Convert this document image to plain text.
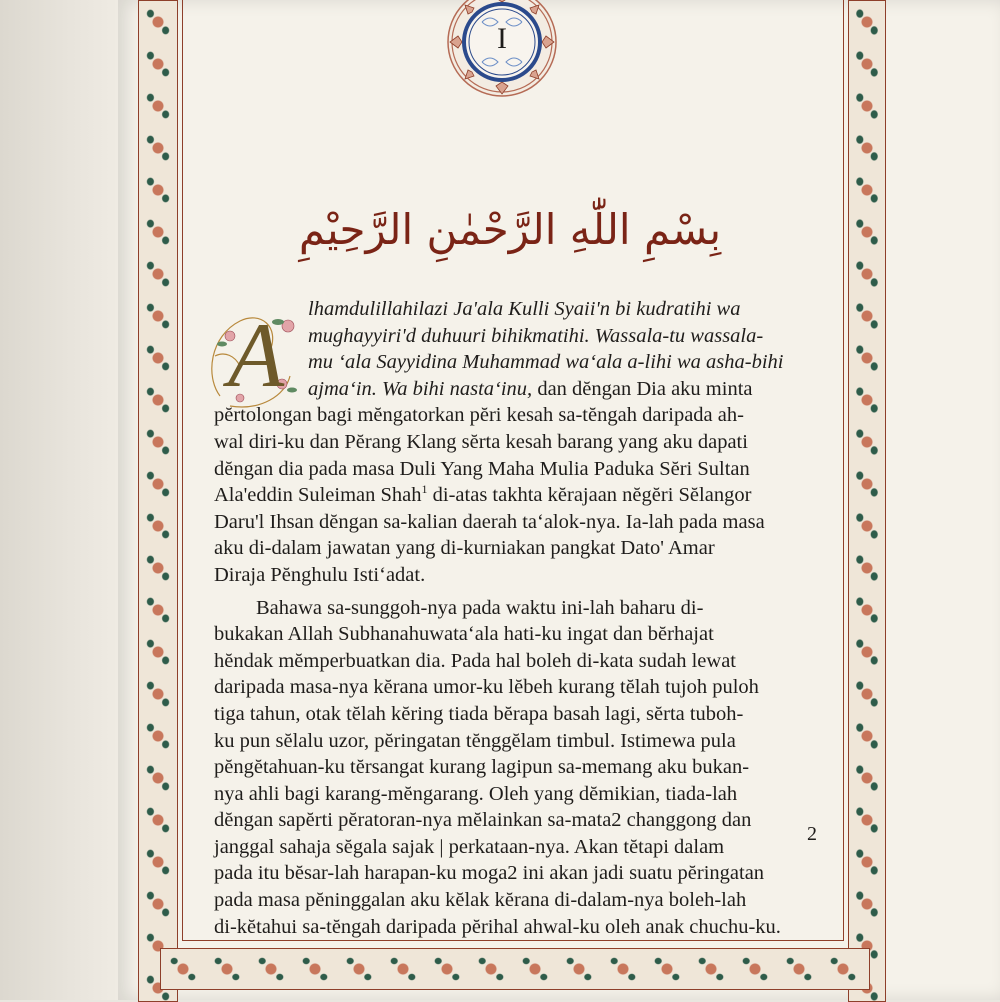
I
بِسْمِ اللّٰهِ الرَّحْمٰنِ الرَّحِيْمِ
A	lhamdulillahilazi Ja'ala Kulli Syaii'n bi kudratihi wa
mughayyiri'd duhuuri bihikmatihi. Wassala-tu wassala-
mu ‘ala Sayyidina Muhammad wa‘ala a-lihi wa asha-bihi
ajma‘in. Wa bihi nasta‘inu, dan dĕngan Dia aku minta
pĕrtolongan bagi mĕngatorkan pĕri kesah sa-tĕngah daripada ah-
wal diri-ku dan Pĕrang Klang sĕrta kesah barang yang aku dapati
dĕngan dia pada masa Duli Yang Maha Mulia Paduka Sĕri Sultan
Ala'eddin Suleiman Shah$^1$ di-atas takhta kĕrajaan nĕgĕri Sĕlangor
Daru'l Ihsan dĕngan sa-kalian daerah ta‘alok-nya. Ia-lah pada masa
aku di-dalam jawatan yang di-kurniakan pangkat Dato' Amar
Diraja Pĕnghulu Isti‘adat.
Bahawa sa-sunggoh-nya pada waktu ini-lah baharu di-
bukakan Allah Subhanahuwata‘ala hati-ku ingat dan bĕrhajat
hĕndak mĕmperbuatkan dia. Pada hal boleh di-kata sudah lewat
daripada masa-nya kĕrana umor-ku lĕbeh kurang tĕlah tujoh puloh
tiga tahun, otak tĕlah kĕring tiada bĕrapa basah lagi, sĕrta tuboh-
ku pun sĕlalu uzor, pĕringatan tĕnggĕlam timbul. Istimewa pula
pĕngĕtahuan-ku tĕrsangat kurang lagipun sa-memang aku bukan-
nya ahli bagi karang-mĕngarang. Oleh yang dĕmikian, tiada-lah
dĕngan sapĕrti pĕratoran-nya mĕlainkan sa-mata2 changgong dan
janggal sahaja sĕgala sajak | perkataan-nya. Akan tĕtapi dalam
pada itu bĕsar-lah harapan-ku moga2 ini akan jadi suatu pĕringatan
pada masa pĕninggalan aku kĕlak kĕrana di-dalam-nya boleh-lah
di-kĕtahui sa-tĕngah daripada pĕrihal ahwal-ku oleh anak chuchu-ku.
2
